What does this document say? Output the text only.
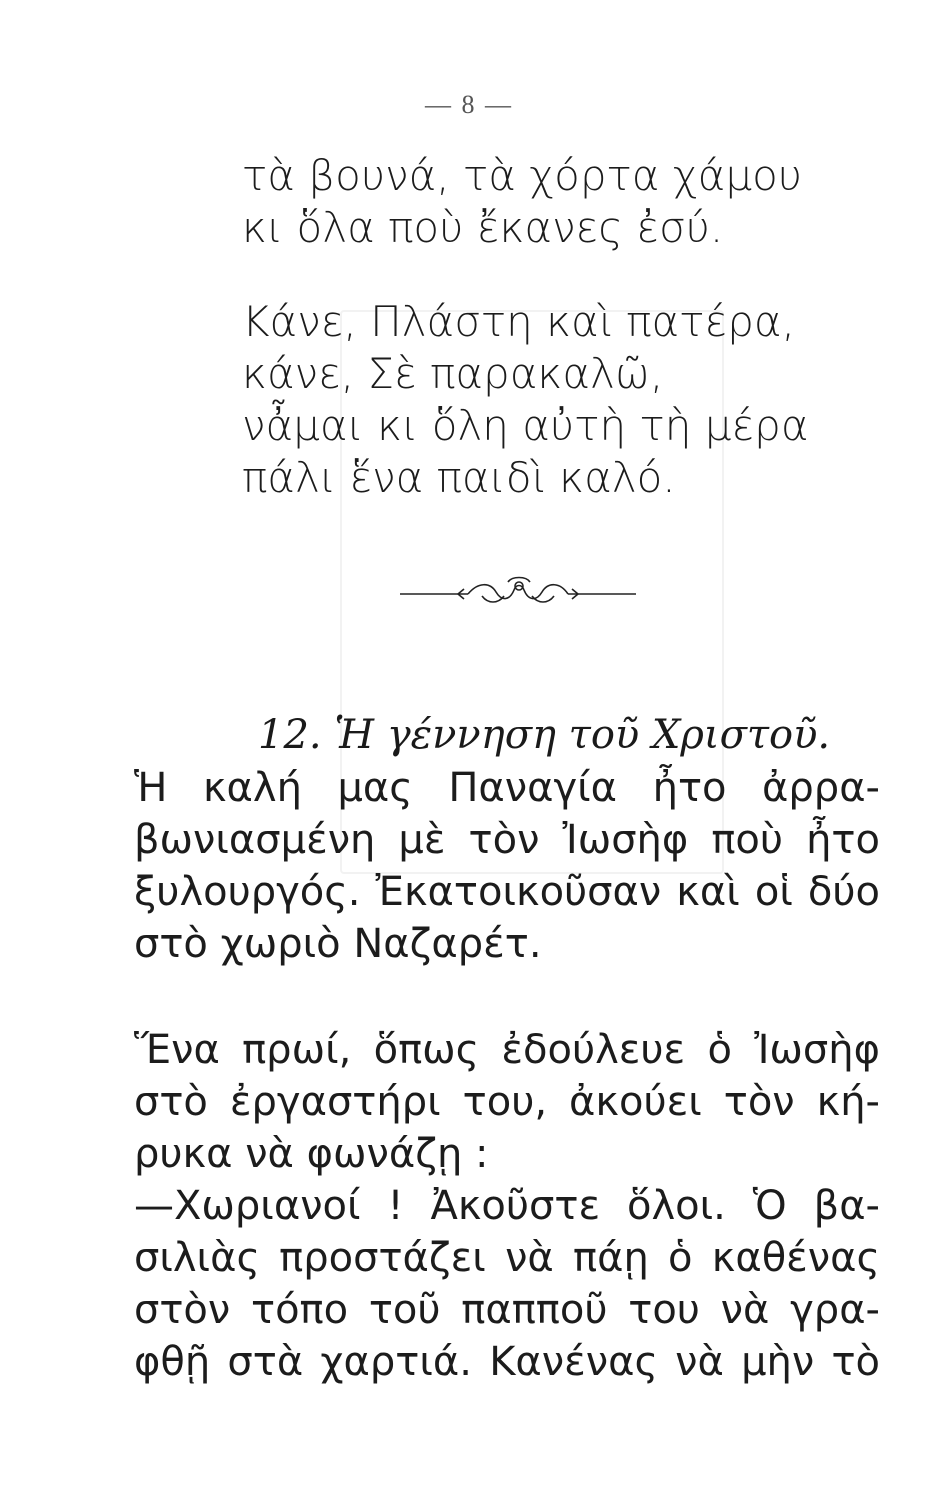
— 8 —
τὰ βουνά, τὰ χόρτα χάμου
κι ὅλα ποὺ ἔκανες ἐσύ.
Κάνε, Πλάστη καὶ πατέρα,
κάνε, Σὲ παρακαλῶ,
νἆμαι κι ὅλη αὐτὴ τὴ μέρα
πάλι ἕνα παιδὶ καλό.
12. Ἡ γέννηση τοῦ Χριστοῦ.
Ἡ καλή μας Παναγία ἦτο ἀρρα-
βωνιασμένη μὲ τὸν Ἰωσὴφ ποὺ ἦτο
ξυλουργός. Ἐκατοικοῦσαν καὶ οἱ δύο
στὸ χωριὸ Ναζαρέτ.
Ἕνα πρωί, ὅπως ἐδούλευε ὁ Ἰωσὴφ
στὸ ἐργαστήρι του, ἀκούει τὸν κή-
ρυκα νὰ φωνάζῃ :
—Χωριανοί ! Ἀκοῦστε ὅλοι. Ὁ βα-
σιλιὰς προστάζει νὰ πάῃ ὁ καθένας
στὸν τόπο τοῦ παπποῦ του νὰ γρα-
φθῇ στὰ χαρτιά. Κανένας νὰ μὴν τὸ
